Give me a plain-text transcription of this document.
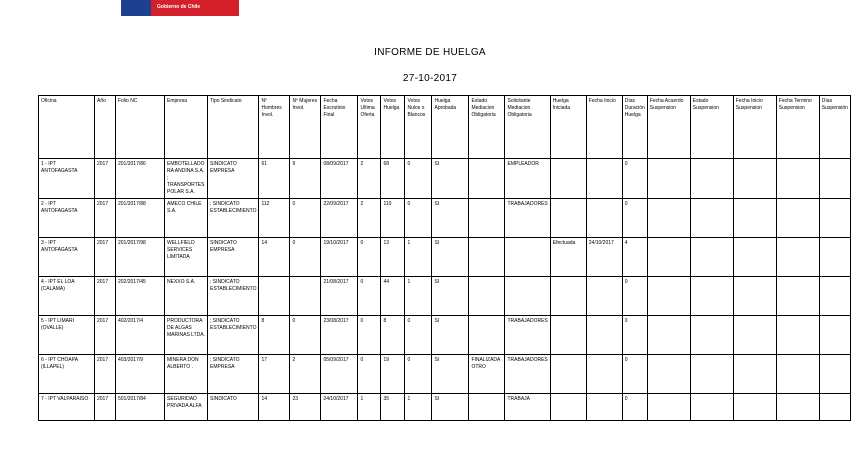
Gobierno de Chile
INFORME DE HUELGA
27-10-2017
Oficina	Año	Folio NC	Empresa	Tipo Sindicato	Nº Hombres Invol.	Nº Mujeres Invol.	Fecha Escrutinio Final	Votos Ultima Oferta	Votos Huelga	Votos Nulos o Blancos	Huelga Aprobada	Estado Mediacion Obligatoria	Solicitante Mediacion Obligatoria	Huelga Iniciada	Fecha Inicio	Días Duración Huelga	Fecha Acuerdo Suspension	Estado Suspension	Fecha Inicio Suspension	Fecha Termino Suspension	Días Suspensión
1 - IPT ANTOFAGASTA	2017	201/2017/86	EMBOTELLADO RA ANDINA S.A. ; TRANSPORTES POLAR S.A.	SINDICATO EMPRESA	61	9	08/09/2017	2	68	0	SI		EMPLEADOR			0					
2 - IPT ANTOFAGASTA	2017	201/2017/88	AMECO CHILE S.A.	; SINDICATO ESTABLECIMIENTO	112	0	22/09/2017	2	110	0	SI		TRABAJADORES			0					
3 - IPT ANTOFAGASTA	2017	201/2017/98	WELLFIELD SERVICES LIMITADA	SINDICATO EMPRESA	14	0	19/10/2017	0	13	1	SI			Efectuada	24/10/2017	4					
4 - IPT EL LOA (CALAMA)	2017	202/2017/45	NEXXO S.A.	; SINDICATO ESTABLECIMIENTO			21/08/2017	0	44	1	SI					0					
5 - IPT LIMARI (OVALLE)	2017	402/2017/4	PRODUCTORA DE ALGAS MARINAS LTDA.	; SINDICATO ESTABLECIMIENTO	8	0	23/08/2017	0	8	0	SI		TRABAJADORES			0					
6 - IPT CHOAPA (ILLAPEL)	2017	403/2017/9	MINERA DON ALBERTO .	; SINDICATO EMPRESA	17	2	05/09/2017	0	19	0	SI	FINALIZADA OTRO	TRABAJADORES			0					
7 - IPT VALPARAISO	2017	501/2017/84	SEGURIDAD PRIVADA ALFA	SINDICATO	14	23	24/10/2017	1	35	1	SI		TRABAJA			0					
